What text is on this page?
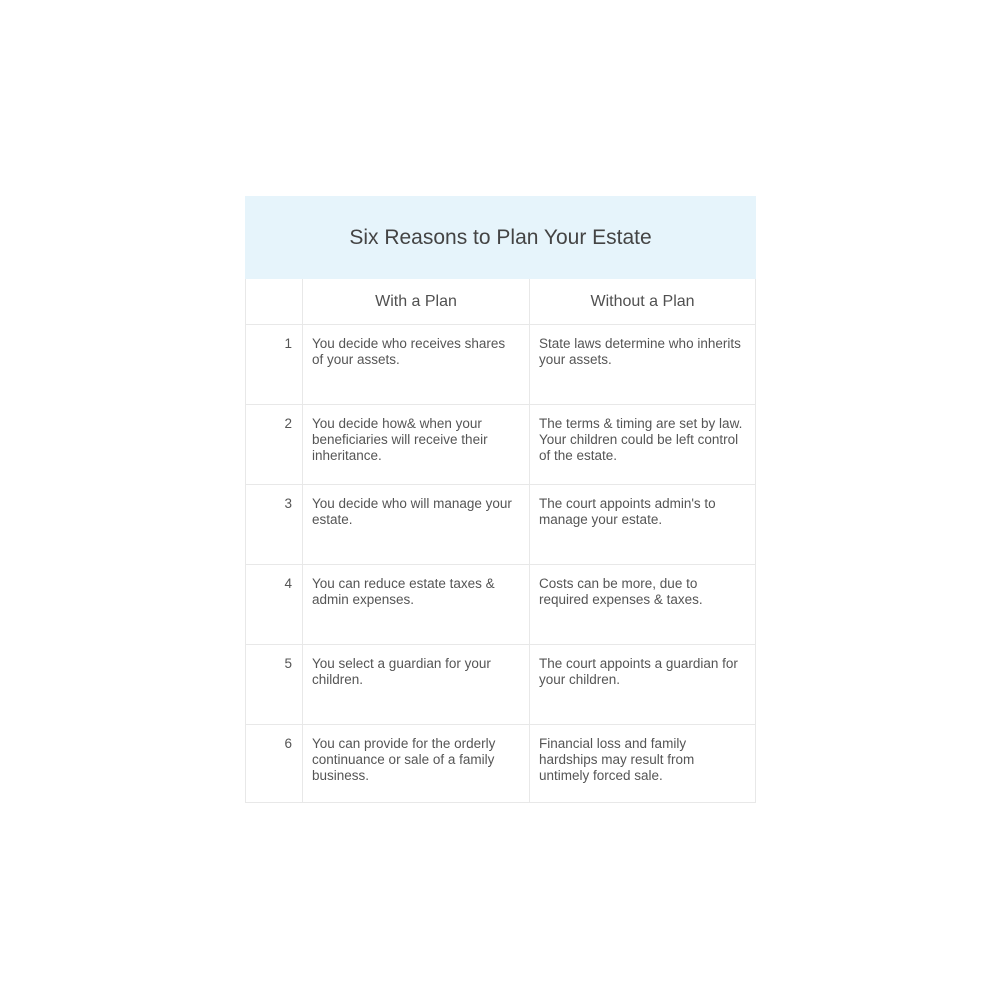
Six Reasons to Plan Your Estate		
	With a Plan	Without a Plan
1	You decide who receives shares of your assets.	State laws determine who inherits your assets.
2	You decide how& when your beneficiaries will receive their inheritance.	The terms & timing are set by law. Your children could be left control of the estate.
3	You decide who will manage your estate.	The court appoints admin's to manage your estate.
4	You can reduce estate taxes & admin expenses.	Costs can be more, due to required expenses & taxes.
5	You select a guardian for your children.	The court appoints a guardian for your children.
6	You can provide for the orderly continuance or sale of a family business.	Financial loss and family hardships may result from untimely forced sale.
